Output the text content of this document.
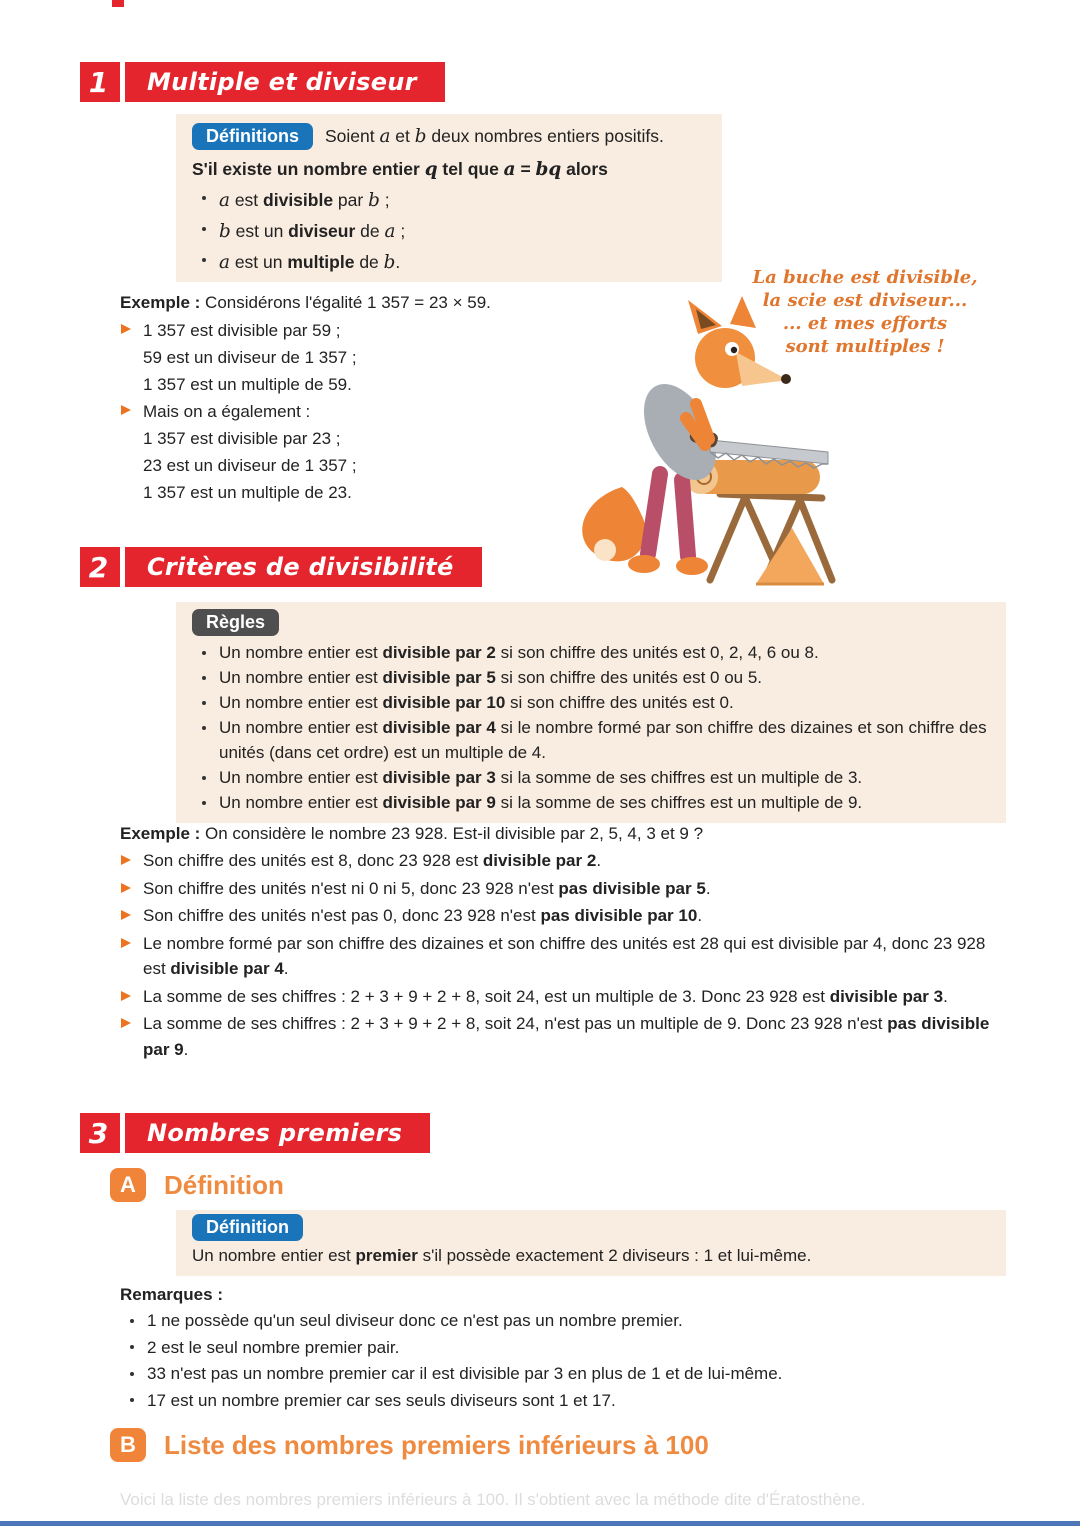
1	Multiple et diviseur
Définitions	Soient a et b deux nombres entiers positifs.
S'il existe un nombre entier q tel que a = bq alors
a est divisible par b ;
b est un diviseur de a ;
a est un multiple de b.
Exemple : Considérons l'égalité 1 357 = 23 × 59.
1 357 est divisible par 59 ;
59 est un diviseur de 1 357 ;
1 357 est un multiple de 59.
Mais on a également :
1 357 est divisible par 23 ;
23 est un diviseur de 1 357 ;
1 357 est un multiple de 23.
La buche est divisible,
la scie est diviseur...
... et mes efforts
sont multiples !
2	Critères de divisibilité
Règles
Un nombre entier est divisible par 2 si son chiffre des unités est 0, 2, 4, 6 ou 8.
Un nombre entier est divisible par 5 si son chiffre des unités est 0 ou 5.
Un nombre entier est divisible par 10 si son chiffre des unités est 0.
Un nombre entier est divisible par 4 si le nombre formé par son chiffre des dizaines et son chiffre des unités (dans cet ordre) est un multiple de 4.
Un nombre entier est divisible par 3 si la somme de ses chiffres est un multiple de 3.
Un nombre entier est divisible par 9 si la somme de ses chiffres est un multiple de 9.
Exemple : On considère le nombre 23 928. Est-il divisible par 2, 5, 4, 3 et 9 ?
Son chiffre des unités est 8, donc 23 928 est divisible par 2.
Son chiffre des unités n'est ni 0 ni 5, donc 23 928 n'est pas divisible par 5.
Son chiffre des unités n'est pas 0, donc 23 928 n'est pas divisible par 10.
Le nombre formé par son chiffre des dizaines et son chiffre des unités est 28 qui est divisible par 4, donc 23 928 est divisible par 4.
La somme de ses chiffres : 2 + 3 + 9 + 2 + 8, soit 24, est un multiple de 3. Donc 23 928 est divisible par 3.
La somme de ses chiffres : 2 + 3 + 9 + 2 + 8, soit 24, n'est pas un multiple de 9. Donc 23 928 n'est pas divisible par 9.
3	Nombres premiers
A	Définition
Définition
Un nombre entier est premier s'il possède exactement 2 diviseurs : 1 et lui-même.
Remarques :
1 ne possède qu'un seul diviseur donc ce n'est pas un nombre premier.
2 est le seul nombre premier pair.
33 n'est pas un nombre premier car il est divisible par 3 en plus de 1 et de lui-même.
17 est un nombre premier car ses seuls diviseurs sont 1 et 17.
B	Liste des nombres premiers inférieurs à 100
Voici la liste des nombres premiers inférieurs à 100. Il s'obtient avec la méthode dite d'Ératosthène.
